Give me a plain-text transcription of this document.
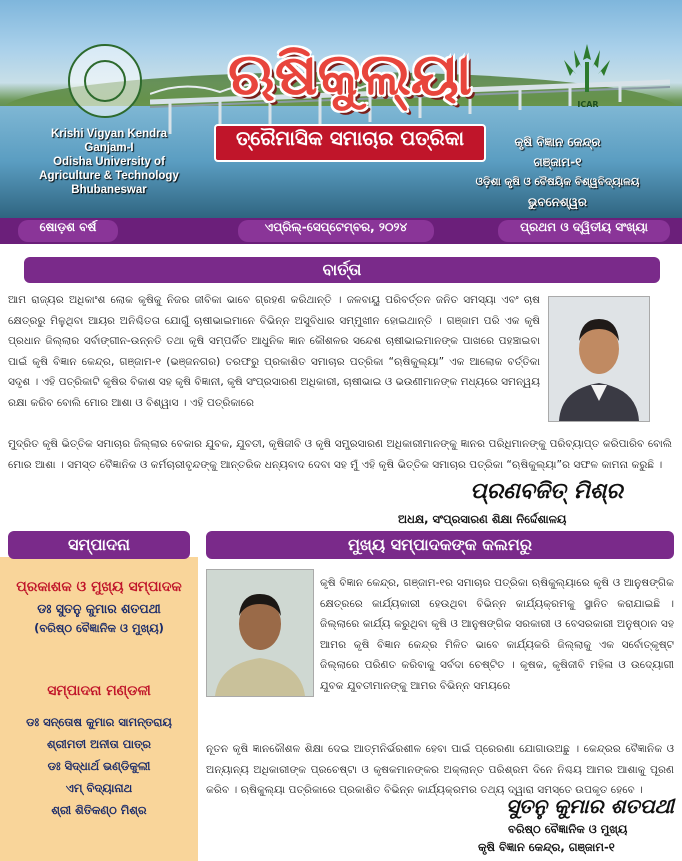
ICAR
ଋଷିକୁଲ୍ୟା
ତ୍ରୈମାସିକ ସମାଚାର ପତ୍ରିକା
Krishi Vigyan Kendra
Ganjam-I
Odisha University of
Agriculture & Technology
Bhubaneswar
କୃଷି ବିଜ୍ଞାନ କେନ୍ଦ୍ର
ଗଞ୍ଜାମ-୧
ଓଡ଼ିଶା କୃଷି ଓ ବୈଷୟିକ ବିଶ୍ୱବିଦ୍ୟାଳୟ
ଭୁବନେଶ୍ୱର
ଷୋଡ଼ଶ ବର୍ଷ	ଏପ୍ରିଲ୍-ସେପ୍ଟେମ୍ବର, ୨୦୨୪	ପ୍ରଥମ ଓ ଦ୍ୱିତୀୟ ସଂଖ୍ୟା
ବାର୍ତ୍ତା
ଆମ ରାଜ୍ୟର ଅଧିକାଂଶ ଲୋକ କୃଷିକୁ ନିଜର ଜୀବିକା ଭାବେ ଗ୍ରହଣ କରିଥାନ୍ତି । ଜଳବାୟୁ ପରିବର୍ତ୍ତନ ଜନିତ ସମସ୍ୟା ଏବଂ ଚାଷ କ୍ଷେତ୍ରରୁ ମିଳୁଥିବା ଆୟର ଅନିଶ୍ଚିତତା ଯୋଗୁଁ ଚାଷୀଭାଇମାନେ ବିଭିନ୍ନ ଅସୁବିଧାର ସମ୍ମୁଖୀନ ହୋଇଥାନ୍ତି । ଗଞ୍ଜାମ ପରି ଏକ କୃଷି ପ୍ରଧାନ ଜିଲ୍ଲାର ସର୍ବାଙ୍ଗୀନ-ଉନ୍ନତି ତଥା କୃଷି ସମ୍ପର୍କିତ ଆଧୁନିକ ଜ୍ଞାନ କୌଶଳର ସନ୍ଦେଶ ଚାଷୀଭାଇମାନଙ୍କ ପାଖରେ ପହଞ୍ଚାଇବା ପାଇଁ କୃଷି ବିଜ୍ଞାନ କେନ୍ଦ୍ର, ଗଞ୍ଜାମ-୧ (ଭଞ୍ଜନଗର) ତରଫରୁ ପ୍ରକାଶିତ ସମାଚାର ପତ୍ରିକା “ଋଷିକୁଲ୍ୟା” ଏକ ଆଲୋକ ବର୍ତ୍ତିକା ସଦୃଶ । ଏହି ପତ୍ରିକାଟି କୃଷିର ବିକାଶ ସହ କୃଷି ବିଜ୍ଞାନୀ, କୃଷି ସଂପ୍ରସାରଣ ଅଧିକାରୀ, ଚାଷୀଭାଇ ଓ ଭଉଣୀମାନଙ୍କ ମଧ୍ୟରେ ସମନ୍ୱୟ ରକ୍ଷା କରିବ ବୋଲି ମୋର ଆଶା ଓ ବିଶ୍ୱାସ । ଏହି ପତ୍ରିକାରେ
ମୁଦ୍ରିତ କୃଷି ଭିତ୍ତିକ ସମାଚାର ଜିଲ୍ଲାର ବେକାର ଯୁବକ, ଯୁବତୀ, କୃଷିଜୀବି ଓ କୃଷି ସମ୍ପ୍ରସାରଣ ଅଧିକାରୀମାନଙ୍କୁ ଜ୍ଞାନର ପରିଧିମାନଙ୍କୁ ପରିବ୍ୟାପ୍ତ କରିପାରିବ ବୋଲି ମୋର ଆଶା । ସମସ୍ତ ବୈଜ୍ଞାନିକ ଓ କର୍ମଚାରୀବୃନ୍ଦଙ୍କୁ ଆନ୍ତରିକ ଧନ୍ୟବାଦ ଦେବା ସହ ମୁଁ ଏହି କୃଷି ଭିତ୍ତିକ ସମାଚାର ପତ୍ରିକା “ଋଷିକୁଲ୍ୟା”ର ସଫଳ କାମନା କରୁଛି ।
ପ୍ରଣବଜିତ୍ ମିଶ୍ର
ଅଧକ୍ଷ, ସଂପ୍ରସାରଣ ଶିକ୍ଷା ନିର୍ଦ୍ଦେଶାଳୟ
ପ୍ରକାଶକ ଓ ମୁଖ୍ୟ ସମ୍ପାଦକ
ଡଃ ସୁତନୁ କୁମାର ଶତପଥୀ
(ବରିଷ୍ଠ ବୈଜ୍ଞାନିକ ଓ ମୁଖ୍ୟ)
ସମ୍ପାଦନା ମଣ୍ଡଳୀ
ଡଃ ସନ୍ତୋଷ କୁମାର ସାମନ୍ତରାୟ
ଶ୍ରୀମତୀ ଅନୀତା ପାତ୍ର
ଡଃ ସିଦ୍ଧାର୍ଥ ଭଣ୍ଡିକୁଲୀ
ଏମ୍ ବିଦ୍ୟାନାଥ
ଶ୍ରୀ ଶିତିକଣ୍ଠ ମିଶ୍ର
ସମ୍ପାଦନା	ମୁଖ୍ୟ ସମ୍ପାଦକଙ୍କ କଲମରୁ
କୃଷି ବିଜ୍ଞାନ କେନ୍ଦ୍ର, ଗଞ୍ଜାମ-୧ର ସମାଚାର ପତ୍ରିକା ଋଷିକୁଲ୍ୟାରେ କୃଷି ଓ ଆନୁଷଙ୍ଗିକ କ୍ଷେତ୍ରରେ କାର୍ଯ୍ୟକାରୀ ହେଉଥିବା ବିଭିନ୍ନ କାର୍ଯ୍ୟକ୍ରମକୁ ସ୍ଥାନିତ କରାଯାଇଛି । ଜିଲ୍ଲାରେ କାର୍ଯ୍ୟ କରୁଥିବା କୃଷି ଓ ଆନୁଷଙ୍ଗିକ ସରକାରୀ ଓ ବେସରକାରୀ ଅନୁଷ୍ଠାନ ସହ ଆମର କୃଷି ବିଜ୍ଞାନ କେନ୍ଦ୍ର ମିଳିତ ଭାବେ କାର୍ଯ୍ୟକରି ଜିଲ୍ଲାକୁ ଏକ ସର୍ବୋତ୍କୃଷ୍ଟ ଜିଲ୍ଲାରେ ପରିଣତ କରିବାକୁ ସର୍ବଦା ଚେଷ୍ଟିତ । କୃଷକ, କୃଷିଜୀବି ମହିଳା ଓ ଉଦ୍ୟୋଗୀ ଯୁବକ ଯୁବତୀମାନଙ୍କୁ ଆମର ବିଭିନ୍ନ ସମୟରେ
ନୂତନ କୃଷି ଜ୍ଞାନକୌଶଳ ଶିକ୍ଷା ଦେଇ ଆତ୍ମନିର୍ଭରଶୀଳ ହେବା ପାଇଁ ପ୍ରେରଣା ଯୋଗାଉଅଛୁ । କେନ୍ଦ୍ରର ବୈଜ୍ଞାନିକ ଓ ଅନ୍ୟାନ୍ୟ ଅଧିକାରୀଙ୍କ ପ୍ରଚେଷ୍ଟା ଓ କୃଷକମାନଙ୍କର ଅକ୍ଲାନ୍ତ ପରିଶ୍ରମ ଦିନେ ନିଶ୍ଚୟ ଆମର ଆଶାକୁ ପୂରଣ କରିବ । ଋଷିକୁଲ୍ୟା ପତ୍ରିକାରେ ପ୍ରକାଶିତ ବିଭିନ୍ନ କାର୍ଯ୍ୟକ୍ରମର ତଥ୍ୟ ଦ୍ୱାରା ସମସ୍ତେ ଉପକୃତ ହେବେ ।
ସୁତନୁ କୁମାର ଶତପଥୀ
ବରିଷ୍ଠ ବୈଜ୍ଞାନିକ ଓ ମୁଖ୍ୟ
କୃଷି ବିଜ୍ଞାନ କେନ୍ଦ୍ର, ଗଞ୍ଜାମ-୧
